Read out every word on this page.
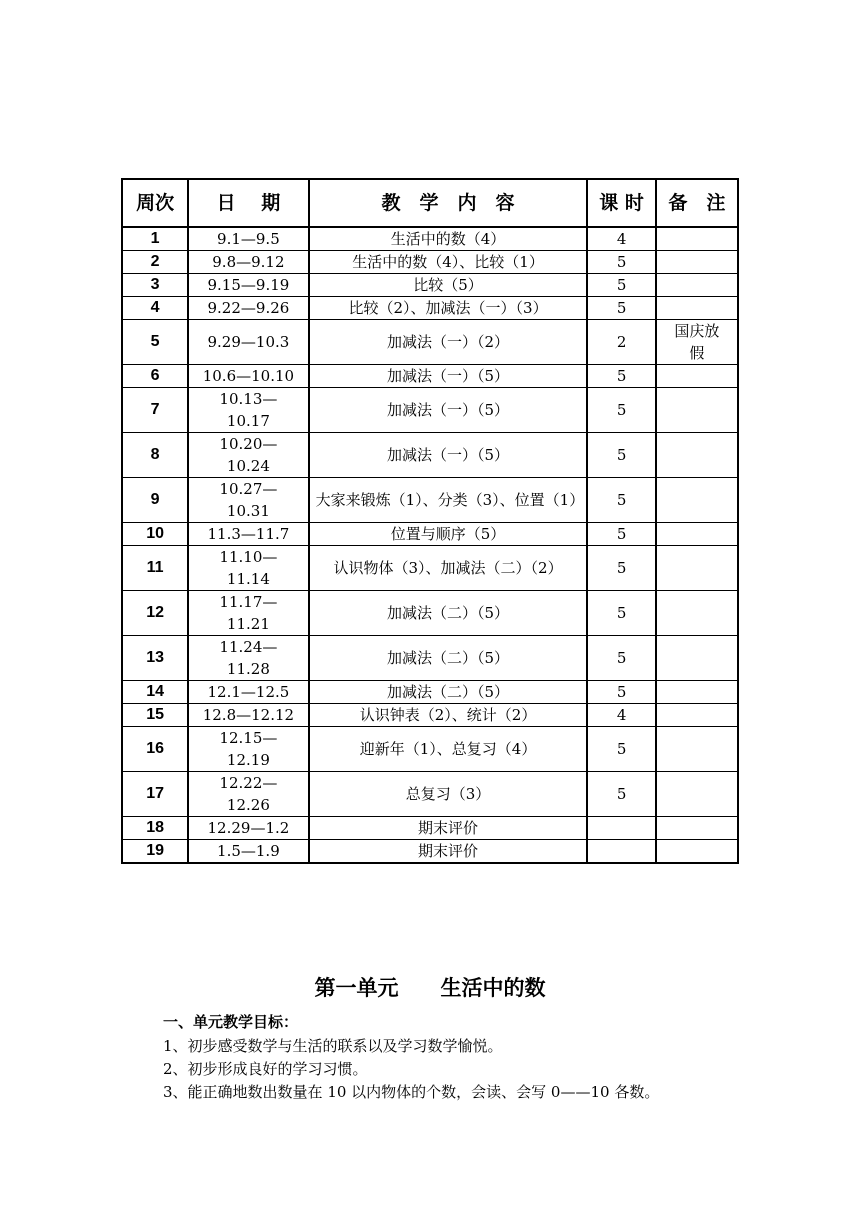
周次	日　 期	教　学　内　容	课 时	备　注
1	9.1—9.5	生活中的数（4）	4	
2	9.8—9.12	生活中的数（4）、比较（1）	5	
3	9.15—9.19	比较（5）	5	
4	9.22—9.26	比较（2）、加减法（一）（3）	5	
5	9.29—10.3	加减法（一）（2）	2	国庆放假
6	10.6—10.10	加减法（一）（5）	5	
7	10.13—10.17	加减法（一）（5）	5	
8	10.20—10.24	加减法（一）（5）	5	
9	10.27—10.31	大家来锻炼（1）、分类（3）、位置（1）	5	
10	11.3—11.7	位置与顺序（5）	5	
11	11.10—11.14	认识物体（3）、加减法（二）（2）	5	
12	11.17—11.21	加减法（二）（5）	5	
13	11.24—11.28	加减法（二）（5）	5	
14	12.1—12.5	加减法（二）（5）	5	
15	12.8—12.12	认识钟表（2）、统计（2）	4	
16	12.15—12.19	迎新年（1）、总复习（4）	5	
17	12.22—12.26	总复习（3）	5	
18	12.29—1.2	期末评价		
19	1.5—1.9	期末评价		
第一单元　　生活中的数
一、单元教学目标：
1、初步感受数学与生活的联系以及学习数学愉悦。
2、初步形成良好的学习习惯。
3、能正确地数出数量在 10 以内物体的个数，会读、会写 0——10 各数。
